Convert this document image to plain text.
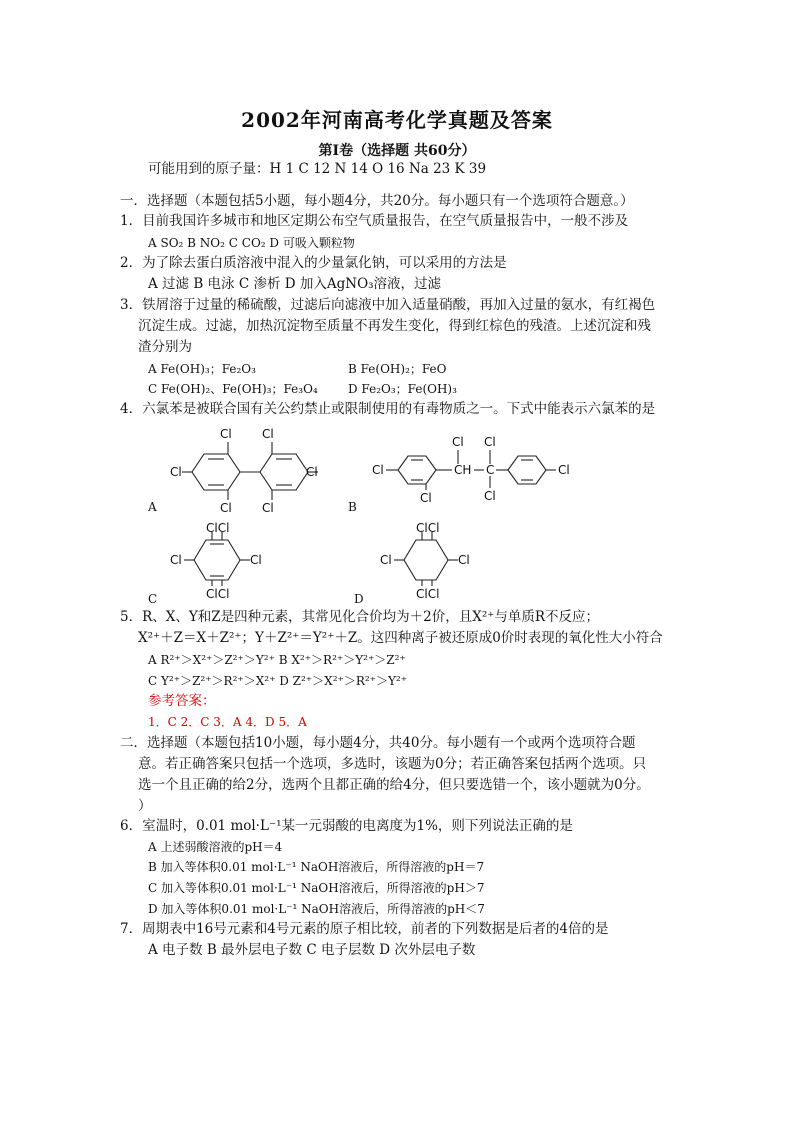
2002年河南高考化学真题及答案
第Ⅰ卷（选择题 共60分）
可能用到的原子量：H 1 C 12 N 14 O 16 Na 23 K 39
一．选择题（本题包括5小题，每小题4分，共20分。每小题只有一个选项符合题意。）
1．目前我国许多城市和地区定期公布空气质量报告，在空气质量报告中，一般不涉及
A SO₂ B NO₂ C CO₂ D 可吸入颗粒物
2．为了除去蛋白质溶液中混入的少量氯化钠，可以采用的方法是
A 过滤 B 电泳 C 渗析 D 加入AgNO₃溶液，过滤
3．铁屑溶于过量的稀硫酸，过滤后向滤液中加入适量硝酸，再加入过量的氨水，有红褐色
沉淀生成。过滤，加热沉淀物至质量不再发生变化，得到红棕色的残渣。上述沉淀和残
渣分别为
A Fe(OH)₃；Fe₂O₃	B Fe(OH)₂；FeO
C Fe(OH)₂、Fe(OH)₃；Fe₃O₄	D Fe₂O₃；Fe(OH)₃
4．六氯苯是被联合国有关公约禁止或限制使用的有毒物质之一。下式中能表示六氯苯的是
Cl	Cl
Cl	Cl
Cl	Cl
A
Cl
Cl
CH
Cl
C
Cl
Cl
Cl
B
ClCl
ClCl
Cl	Cl
C
ClCl
ClCl
Cl	Cl
D
5．R、X、Y和Z是四种元素，其常见化合价均为＋2价，且X²⁺与单质R不反应；
X²⁺＋Z＝X＋Z²⁺；Y＋Z²⁺＝Y²⁺＋Z。这四种离子被还原成0价时表现的氧化性大小符合
A R²⁺＞X²⁺＞Z²⁺＞Y²⁺ B X²⁺＞R²⁺＞Y²⁺＞Z²⁺
C Y²⁺＞Z²⁺＞R²⁺＞X²⁺ D Z²⁺＞X²⁺＞R²⁺＞Y²⁺
参考答案：
1．C 2．C 3．A 4．D 5．A
二．选择题（本题包括10小题，每小题4分，共40分。每小题有一个或两个选项符合题
意。若正确答案只包括一个选项，多选时，该题为0分；若正确答案包括两个选项。只
选一个且正确的给2分，选两个且都正确的给4分，但只要选错一个，该小题就为0分。
）
6．室温时，0.01 mol·L⁻¹某一元弱酸的电离度为1%，则下列说法正确的是
A 上述弱酸溶液的pH＝4
B 加入等体积0.01 mol·L⁻¹ NaOH溶液后，所得溶液的pH＝7
C 加入等体积0.01 mol·L⁻¹ NaOH溶液后，所得溶液的pH＞7
D 加入等体积0.01 mol·L⁻¹ NaOH溶液后，所得溶液的pH＜7
7．周期表中16号元素和4号元素的原子相比较，前者的下列数据是后者的4倍的是
A 电子数 B 最外层电子数 C 电子层数 D 次外层电子数
